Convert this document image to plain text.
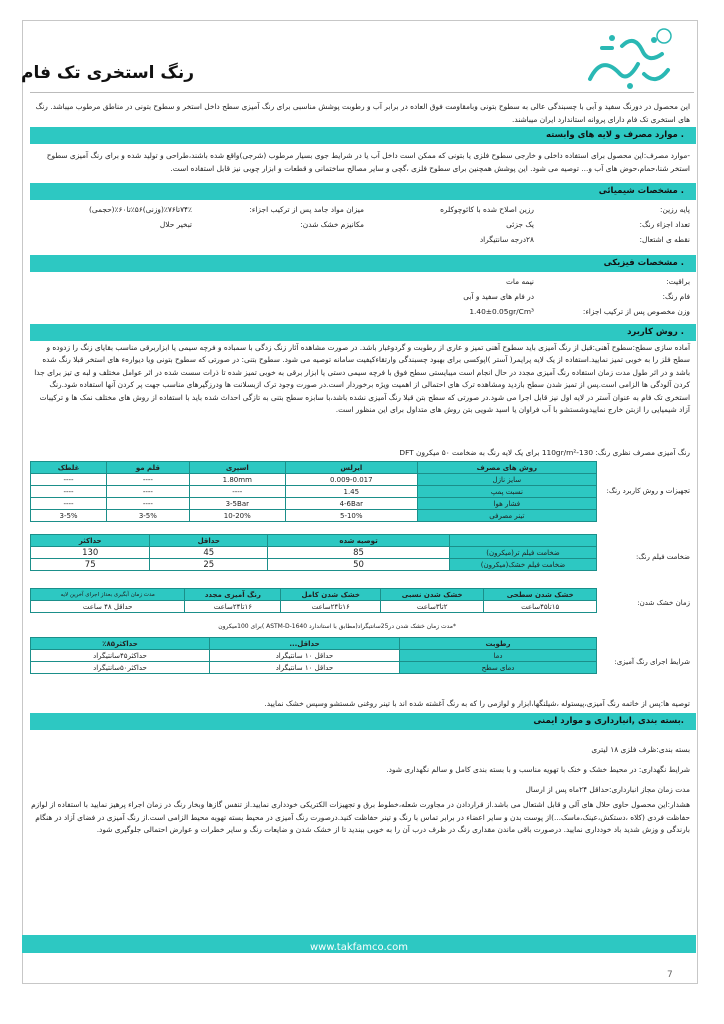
رنگ استخری تک فام
این محصول در دورنگ سفید و آبی با چسبندگی عالی به سطوح بتونی وبامقاومت فوق العاده در برابر آب و رطوبت پوشش مناسبی برای رنگ آمیزی سطح داخل استخر و سطوح بتونی در مناطق مرطوب میباشد. رنگ های استخری تک فام دارای پروانه استاندارد ایران میباشند.
. موارد مصرف و لایه های وابسته
-موارد مصرف:این محصول برای استفاده داخلی و خارجی سطوح فلزی یا بتونی که ممکن است داخل آب یا در شرایط جوی بسیار مرطوب (شرجی)واقع شده باشند،طراحی و تولید شده و برای رنگ آمیزی سطوح استخر شنا،حمام،حوض های آب و... توصیه می شود. این پوشش همچنین برای سطوح فلزی ،گچی و سایر مصالح ساختمانی و قطعات و ابزار چوبی نیز قابل استفاده است.
. مشخصات شیمیائی
پایه رزین:
رزین اصلاح شده با کائوچوکلره
میزان مواد جامد پس از ترکیب اجزاء:
۷۴٪تا۷۶٪(وزنی)۵۶٪تا۶۰٪(حجمی)
تعداد اجزاء رنگ:
یک جزئی
مکانیزم خشک شدن:
تبخیر حلال
نقطه ی اشتعال:
۲۸درجه سانتیگراد
. مشخصات فیزیکی
براقیت:
نیمه مات
فام رنگ:
در فام های سفید و آبی
وزن مخصوص پس از ترکیب اجزاء:
1.40±0.05gr/Cm³
. روش کاربرد
آماده سازی سطح:سطوح آهنی:قبل از رنگ آمیزی باید سطوح آهنی تمیز و عاری از رطوبت و گردوغبار باشد. در صورت مشاهده آثار زنگ زدگی با سمباده و فرچه سیمی یا ابزاربرقی مناسب بقایای زنگ را زدوده و سطح فلز را به خوبی تمیز نمایید.استفاده از یک لایه پرایمر( آستر )اپوکسی برای بهبود چسبندگی وارتقاءکیفیت سامانه توصیه می شود. سطوح بتنی: در صورتی که سطوح بتونی ویا دیوارهء های استخر قبلا رنگ شده باشد و در اثر طول مدت زمان استفاده رنگ آمیزی مجدد در حال انجام است میبایستی سطح فوق با فرچه سیمی دستی یا ابزار برقی به خوبی تمیز شده تا ذرات سست شده در اثر عوامل مختلف و لبه ی تیز برای جدا کردن آلودگی ها الزامی است.پس از تمیز شدن سطح بازدید ومشاهده ترک های احتمالی از اهمیت ویژه برخوردار است.در صورت وجود ترک ازبسلانت ها ودرزگیرهای مناسب جهت پر کردن آنها استفاده شود.رنگ استخری تک فام به عنوان آستر در لایه اول نیز قابل اجرا می شود.در صورتی که سطح بتن قبلا رنگ آمیزی نشده باشد،با سابزه سطح بتنی به تازگی احداث شده باید با استفاده از روش های مختلف نمک ها و ترکیبات آزاد شیمیایی را ازبتن خارج نماییدوشستشو با آب فراوان یا اسید شویی بتن روش های متداول برای این منظور است.
رنگ آمیزی مصرف نظری رنگ: 110gr/m²-130 برای یک لایه رنگ به ضخامت ۵۰ میکرون DFT
روش های مصرف	ایرلس	اسپری	قلم مو	غلطک
سایز نازل	0.009-0.017	1.80mm	----	----
نسبت پمپ	1.45	----	----	----
فشار هوا	4-6Bar	3-5Bar	----	----
تینر مصرفی	5-10%	10-20%	3-5%	3-5%
تجهیزات و روش کاربرد رنگ:
	توصیه شده	حداقل	حداکثر
ضخامت فیلم تر(میکرون)	85	45	130
ضخامت فیلم خشک(میکرون)	50	25	75
ضخامت فیلم رنگ:
خشک شدن سطحی	خشک شدن نسبی	خشک شدن کامل	رنگ آمیزی مجدد	مدت زمان آبگیری بعداز اجرای آخرین لایه
۱۵تا۴۵ساعت	۲تا۳ساعت	۱۶تا۲۴ساعت	۱۶تا۲۴ساعت	حداقل ۴۸ ساعت	زمان خشک شدن:
*مدت زمان خشک شدن در25سانتیگراد(مطابق با استاندارد ASTM-D-1640 )برای 100میکرون
رطوبت	حداقل...	حداکثر۸۵٪
دما	حداقل ۱۰ سانتیگراد	حداکثر۴۵سانتیگراد
دمای سطح	حداقل ۱۰ سانتیگراد	حداکثر۵۰سانتیگراد
شرایط اجرای رنگ آمیزی:
توصیه ها:پس از خاتمه رنگ آمیزی،پیستوله ،شیلنگها،ابزار و لوازمی را که به رنگ آغشته شده اند با تینر روغنی شستشو وسپس خشک نمایید.
.بسته بندی ,انبارداری و موارد ایمنی
بسته بندی:ظرف فلزی ۱۸ لیتری
شرایط نگهداری: در محیط خشک و خنک با تهویه مناسب و با بسته بندی کامل و سالم نگهداری شود.
مدت زمان مجاز انبارداری:حداقل ۲۴ماه پس از ارسال
هشدار:این محصول حاوی حلال های آلی و قابل اشتعال می باشد.از قراردادن در مجاورت شعله،خطوط برق و تجهیزات الکتریکی خودداری نمایید.از تنفس گازها وبخار رنگ در زمان اجراء پرهیز نمایید با استفاده از لوازم حفاظت فردی (کلاه ،دستکش،عینک،ماسک...)از پوست بدن و سایر اعضاء در برابر تماس با رنگ و تینر حفاظت کنید.درصورت رنگ آمیزی در محیط بسته تهویه محیط الزامی است.از رنگ آمیزی در فضای آزاد در هنگام بارندگی و وزش شدید باد خودداری نمایید. درصورت باقی ماندن مقداری رنگ در ظرف درب آن را به خوبی ببندید تا از خشک شدن و ضایعات رنگ و سایر خطرات و عوارض احتمالی جلوگیری شود.
www.takfamco.com
7
